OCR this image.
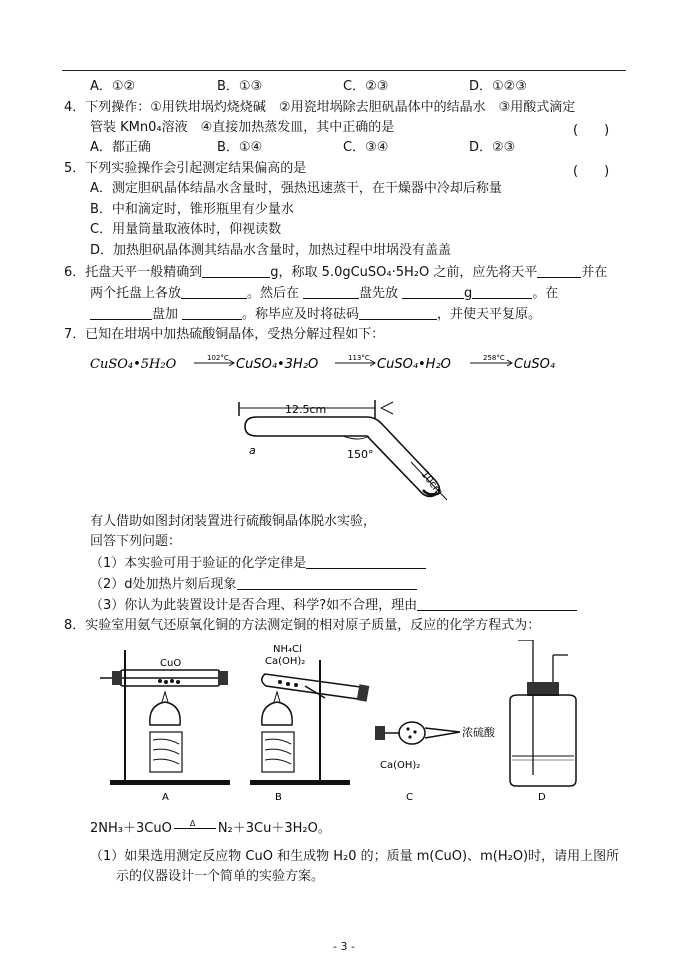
A．①②	B．①③	C．②③	D．①②③
4．下列操作：①用铁坩埚灼烧烧碱　②用瓷坩埚除去胆矾晶体中的结晶水　③用酸式滴定
管装 KMn0₄溶液　④直接加热蒸发皿，其中正确的是	(　　)
A．都正确	B．①④	C．③④	D．②③
5．下列实验操作会引起测定结果偏高的是	(　　)
A．测定胆矾晶体结晶水含量时，强热迅速蒸干，在干燥器中冷却后称量
B．中和滴定时，锥形瓶里有少量水
C．用量筒量取液体时，仰视读数
D．加热胆矾晶体测其结晶水含量时，加热过程中坩埚没有盖盖
6．托盘天平一般精确到	g，称取 5.0gCuSO₄·5H₂O 之前，应先将天平	并在
两个托盘上各放	。然后在	盘先放	g	。在
盘加	。称毕应及时将砝码	，并使天平复原。
7．已知在坩埚中加热硫酸铜晶体，受热分解过程如下：
CuSO₄•5H₂O	102°C CuSO₄•3H₂O	113°C CuSO₄•H₂O	258°C CuSO₄
12.5cm
150°
10cm
a
有人借助如图封闭装置进行硫酸铜晶体脱水实验，
回答下列问题：
（1）本实验可用于验证的化学定律是
（2）d处加热片刻后现象
（3）你认为此装置设计是否合理、科学?如不合理，理由
8．实验室用氨气还原氧化铜的方法测定铜的相对原子质量，反应的化学方程式为：
CuO
A
NH₄Cl
Ca(OH)₂
B
Ca(OH)₂
C
浓硫酸
D
2NH₃＋3CuO Δ N₂＋3Cu＋3H₂O。
（1）如果选用测定反应物 CuO 和生成物 H₂0 的；质量 m(CuO)、m(H₂O)时，请用上图所
示的仪器设计一个简单的实验方案。
- 3 -
